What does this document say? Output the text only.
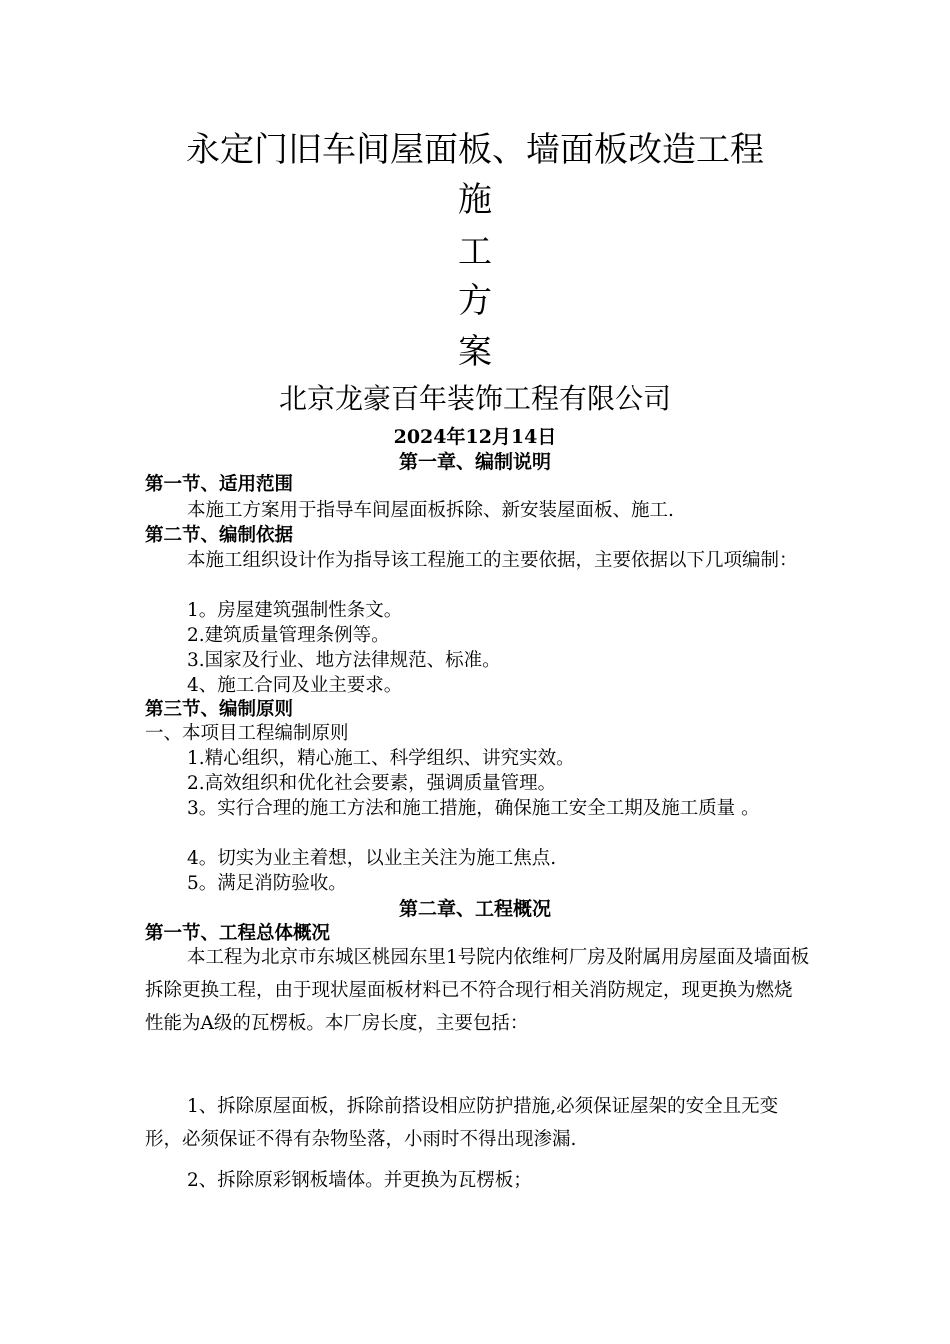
永定门旧车间屋面板、墙面板改造工程
施
工
方
案
北京龙豪百年装饰工程有限公司
2024年12月14日
第一章、编制说明
第一节、适用范围
本施工方案用于指导车间屋面板拆除、新安装屋面板、施工.
第二节、编制依据
本施工组织设计作为指导该工程施工的主要依据，主要依据以下几项编制：
1。房屋建筑强制性条文。
2.建筑质量管理条例等。
3.国家及行业、地方法律规范、标准。
4、施工合同及业主要求。
第三节、编制原则
一、本项目工程编制原则
1.精心组织，精心施工、科学组织、讲究实效。
2.高效组织和优化社会要素，强调质量管理。
3。实行合理的施工方法和施工措施，确保施工安全工期及施工质量 。
4。切实为业主着想，以业主关注为施工焦点.
5。满足消防验收。
第二章、工程概况
第一节、工程总体概况
本工程为北京市东城区桃园东里1号院内依维柯厂房及附属用房屋面及墙面板拆除更换工程，由于现状屋面板材料已不符合现行相关消防规定，现更换为燃烧性能为A级的瓦楞板。本厂房长度，主要包括：
1、拆除原屋面板，拆除前搭设相应防护措施,必须保证屋架的安全且无变形，必须保证不得有杂物坠落，小雨时不得出现渗漏.
2、拆除原彩钢板墙体。并更换为瓦楞板；
